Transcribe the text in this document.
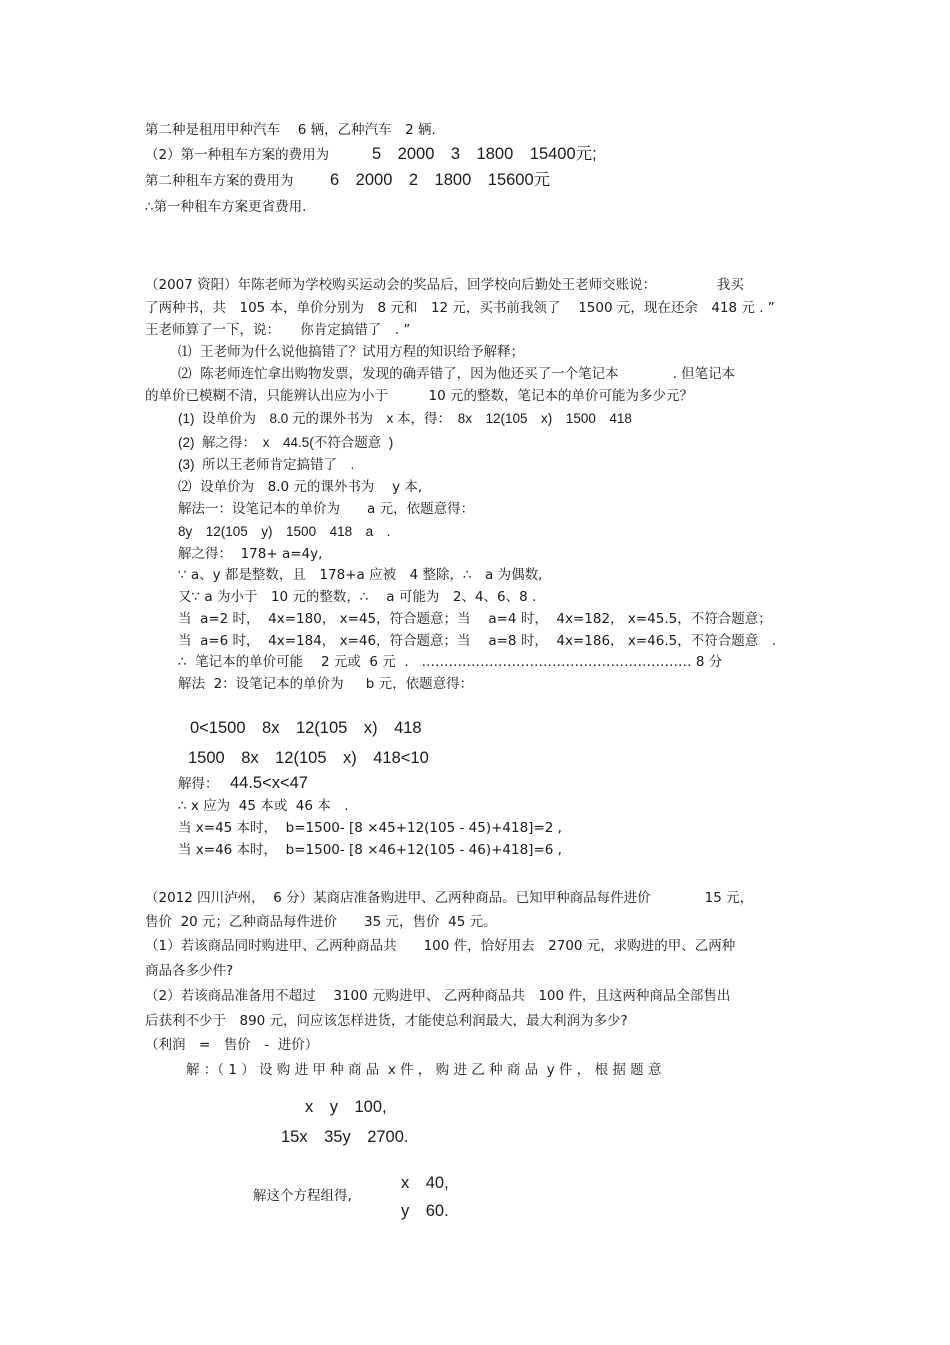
第二种是租用甲种汽车　 6 辆，乙种汽车　2 辆.
（2）第一种租车方案的费用为	5　2000　3　1800　15400元;
第二种租车方案的费用为 6　2000　2　1800　15600元
∴第一种租车方案更省费用.
（2007 资阳）年陈老师为学校购买运动会的奖品后，回学校向后勤处王老师交账说：　　　　　我买
了两种书，共　105 本，单价分别为　8 元和　12 元，买书前我领了　 1500 元，现在还余　418 元 . ”
王老师算了一下，说：　　你肯定搞错了　. ”
⑴  王老师为什么说他搞错了？试用方程的知识给予解释；
⑵  陈老师连忙拿出购物发票，发现的确弄错了，因为他还买了一个笔记本　　　　. 但笔记本
的单价已模糊不清，只能辨认出应为小于　　　10 元的整数，笔记本的单价可能为多少元？
(1)  设单价为　8.0 元的课外书为　x 本，得：　8x　12(105　x)　1500　418
(2)  解之得：　x　44.5(不符合题意  )
(3)  所以王老师肯定搞错了　.
⑵  设单价为　8.0 元的课外书为　 y 本,
解法一：设笔记本的单价为　　a 元，依题意得：
8y　12(105　y)　1500　418　a　.
解之得：  178+ a=4y,
∵ a、y 都是整数，且　178+a 应被　4 整除，∴　a 为偶数,
又∵ a 为小于　10 元的整数，∴　 a 可能为　2、4、6、8 .
当  a=2 时，  4x=180， x=45，符合题意；当　 a=4 时，  4x=182， x=45.5，不符合题意；
当  a=6 时，  4x=184， x=46，符合题意；当　 a=8 时，  4x=186， x=46.5，不符合题意　.
∴  笔记本的单价可能　 2 元或  6 元  .   …………………………………………………… 8 分
解法  2：设笔记本的单价为　  b 元，依题意得：
0<1500　8x　12(105　x)　418
1500　8x　12(105　x)　418<10
解得： 44.5<x<47
∴ x 应为  45 本或  46 本　.
当 x=45 本时，  b=1500- [8 ×45+12(105 - 45)+418]=2 ,
当 x=46 本时，  b=1500- [8 ×46+12(105 - 46)+418]=6 ,
（2012 四川泸州，  6 分）某商店准备购进甲、乙两种商品。已知甲种商品每件进价　　　　15 元，
售价  20 元；乙种商品每件进价　　35 元，售价  45 元。
（1）若该商品同时购进甲、乙两种商品共　　100 件，恰好用去　2700 元，求购进的甲、乙两种
商品各多少件?
（2）若该商品准备用不超过　 3100 元购进甲、 乙两种商品共　100 件，且这两种商品全部售出
后获利不少于　890 元，问应该怎样进货，才能使总利润最大，最大利润为多少?
（利润　=　售价　-  进价）
解 ：（ 1 ） 设 购 进 甲 种 商 品  x 件 ， 购 进 乙 种 商 品  y 件 ， 根 据 题 意
x　y　100,
15x　35y　2700.
解这个方程组得,
x　40,
y　60.
